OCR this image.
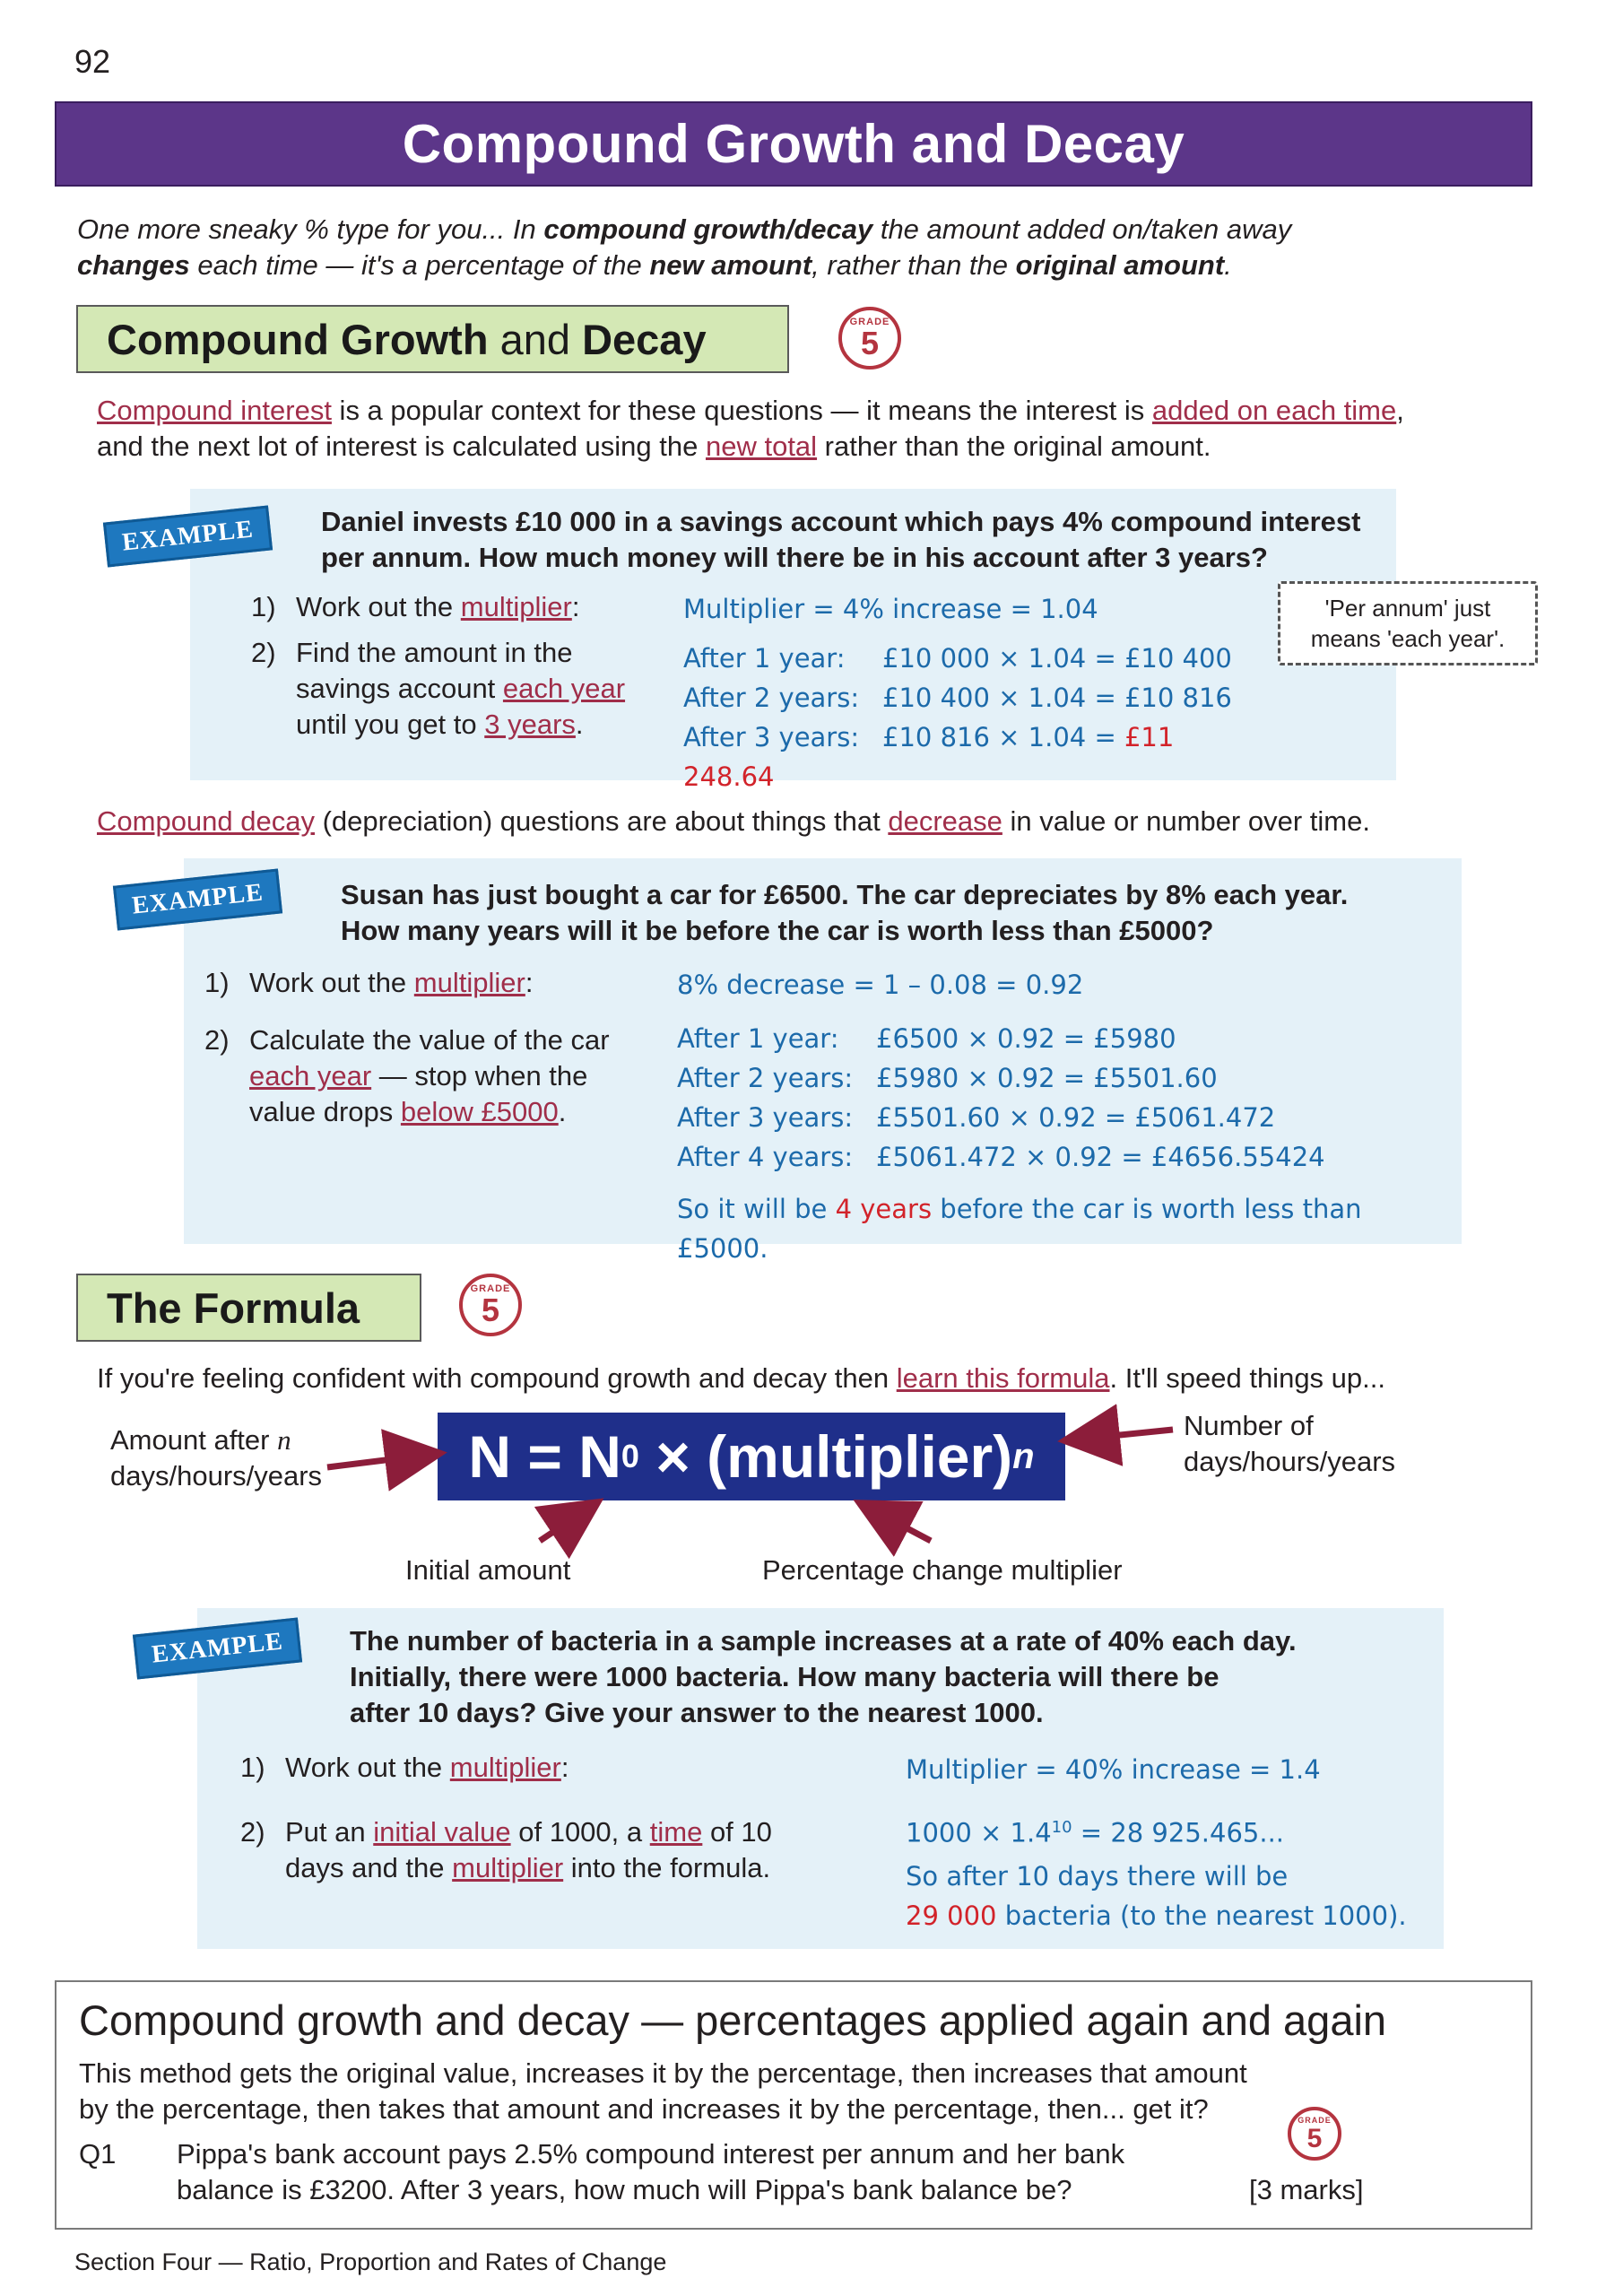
92
Compound Growth and Decay
One more sneaky % type for you... In compound growth/decay the amount added on/taken away
changes each time — it's a percentage of the new amount, rather than the original amount.
Compound Growth and Decay	GRADE
5
Compound interest is a popular context for these questions — it means the interest is added on each time,
and the next lot of interest is calculated using the new total rather than the original amount.
EXAMPLE	Daniel invests £10 000 in a savings account which pays 4% compound interest
per annum. How much money will there be in his account after 3 years?
1) Work out the multiplier:
2) Find the amount in the
savings account each year
until you get to 3 years.
Multiplier = 4% increase = 1.04
After 1 year: £10 000 × 1.04 = £10 400
After 2 years: £10 400 × 1.04 = £10 816
After 3 years: £10 816 × 1.04 = £11 248.64
'Per annum' just
means 'each year'.
Compound decay (depreciation) questions are about things that decrease in value or number over time.
EXAMPLE	Susan has just bought a car for £6500. The car depreciates by 8% each year.
How many years will it be before the car is worth less than £5000?
1) Work out the multiplier:
2) Calculate the value of the car
each year — stop when the
value drops below £5000.
8% decrease = 1 – 0.08 = 0.92
After 1 year: £6500 × 0.92 = £5980
After 2 years: £5980 × 0.92 = £5501.60
After 3 years: £5501.60 × 0.92 = £5061.472
After 4 years: £5061.472 × 0.92 = £4656.55424
So it will be 4 years before the car is worth less than £5000.
The Formula	GRADE
5
If you're feeling confident with compound growth and decay then learn this formula. It'll speed things up...
N = N 0 × (multiplier) n
Amount after n
days/hours/years
Number of
days/hours/years
Initial amount	Percentage change multiplier
EXAMPLE	The number of bacteria in a sample increases at a rate of 40% each day.
Initially, there were 1000 bacteria. How many bacteria will there be
after 10 days? Give your answer to the nearest 1000.
1) Work out the multiplier:
2) Put an initial value of 1000, a time of 10
days and the multiplier into the formula.
Multiplier = 40% increase = 1.4
$1000 \times 1.4^{10} = 28$ 925.465...
So after 10 days there will be
29 000 bacteria (to the nearest 1000).
Compound growth and decay — percentages applied again and again
This method gets the original value, increases it by the percentage, then increases that amount
by the percentage, then takes that amount and increases it by the percentage, then... get it?
Q1 Pippa's bank account pays 2.5% compound interest per annum and her bank
balance is £3200. After 3 years, how much will Pippa's bank balance be?	[3 marks]
GRADE
5
Section Four — Ratio, Proportion and Rates of Change
